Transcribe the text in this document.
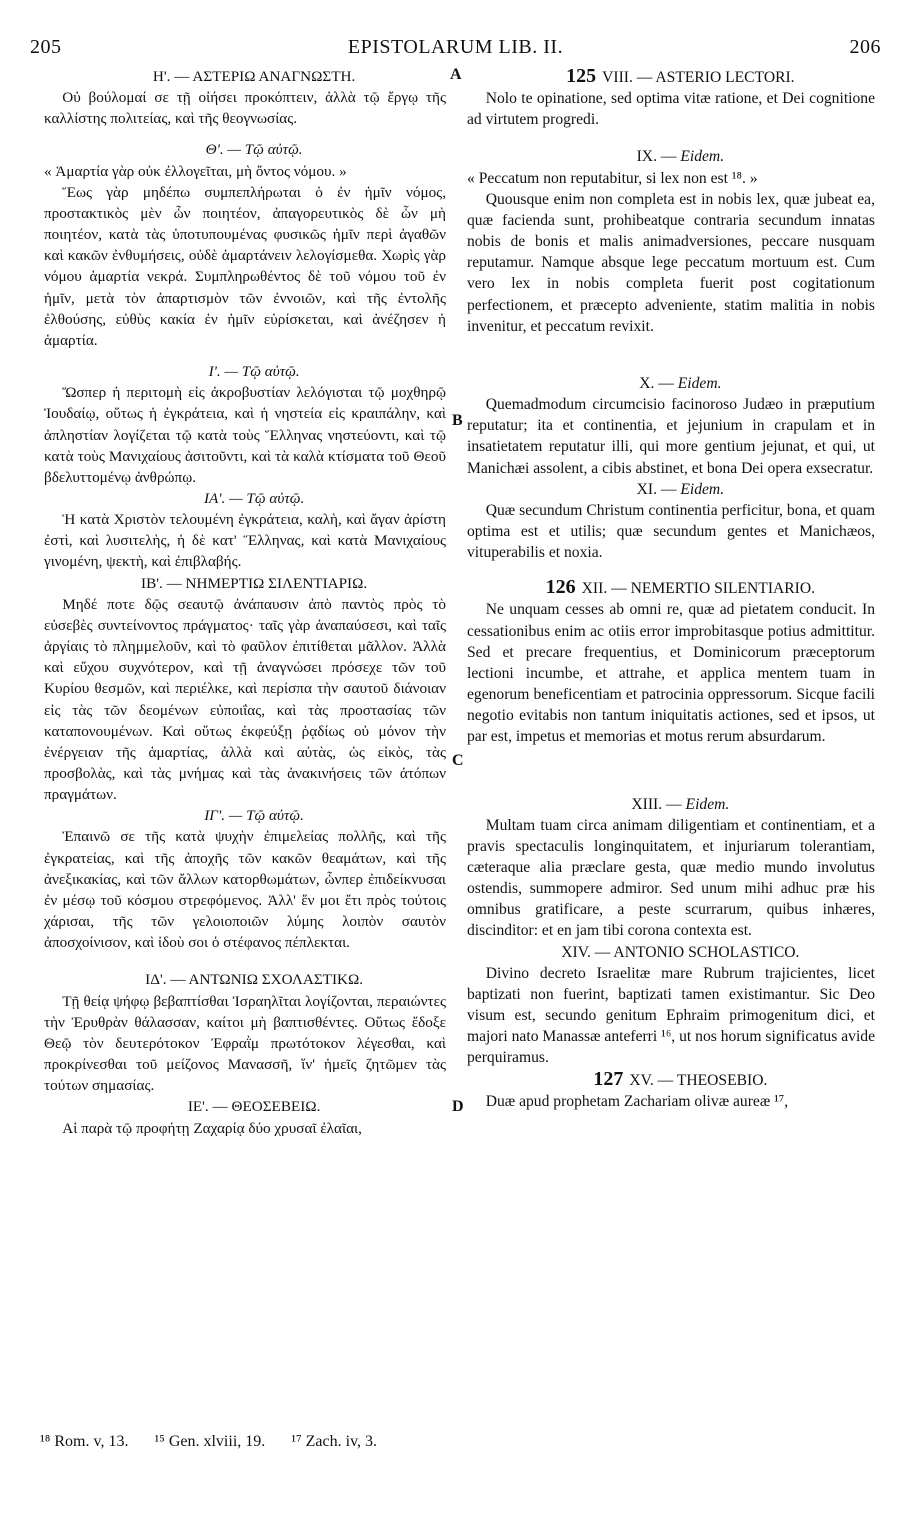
205	EPISTOLARUM LIB. II.	206

Η'. — ΑΣΤΕΡΙΩ ΑΝΑΓΝΩΣΤΗ.

Οὐ βούλομαί σε τῇ οἰήσει προκόπτειν, ἀλλὰ τῷ ἔργῳ τῆς καλλίστης πολιτείας, καὶ τῆς θεογνωσίας.

Θ'. — Τῷ αὐτῷ.

« Ἁμαρτία γὰρ οὐκ ἐλλογεῖται, μὴ ὄντος νόμου. »

Ἕως γὰρ μηδέπω συμπεπλήρωται ὁ ἐν ἡμῖν νόμος, προστακτικὸς μὲν ὧν ποιητέον, ἀπαγορευτικὸς δὲ ὧν μὴ ποιητέον, κατὰ τὰς ὑποτυπουμένας φυσικῶς ἡμῖν περὶ ἀγαθῶν καὶ κακῶν ἐνθυμήσεις, οὐδὲ ἁμαρτάνειν λελογίσμεθα. Χωρὶς γὰρ νόμου ἁμαρτία νεκρά. Συμπληρωθέντος δὲ τοῦ νόμου τοῦ ἐν ἡμῖν, μετὰ τὸν ἀπαρτισμὸν τῶν ἐννοιῶν, καὶ τῆς ἐντολῆς ἐλθούσης, εὐθὺς κακία ἐν ἡμῖν εὑρίσκεται, καὶ ἀνέζησεν ἡ ἁμαρτία.

Ι'. — Τῷ αὐτῷ.

Ὥσπερ ἡ περιτομὴ εἰς ἀκροβυστίαν λελόγισται τῷ μοχθηρῷ Ἰουδαίῳ, οὕτως ἡ ἐγκράτεια, καὶ ἡ νηστεία εἰς κραιπάλην, καὶ ἀπληστίαν λογίζεται τῷ κατὰ τοὺς Ἕλληνας νηστεύοντι, καὶ τῷ κατὰ τοὺς Μανιχαίους ἀσιτοῦντι, καὶ τὰ καλὰ κτίσματα τοῦ Θεοῦ βδελυττομένῳ ἀνθρώπῳ.

ΙΑ'. — Τῷ αὐτῷ.

Ἡ κατὰ Χριστὸν τελουμένη ἐγκράτεια, καλὴ, καὶ ἄγαν ἀρίστη ἐστὶ, καὶ λυσιτελὴς, ἡ δὲ κατ' Ἕλληνας, καὶ κατὰ Μανιχαίους γινομένη, ψεκτὴ, καὶ ἐπιβλαβής.

ΙΒ'. — ΝΗΜΕΡΤΙΩ ΣΙΛΕΝΤΙΑΡΙΩ.

Μηδέ ποτε δῷς σεαυτῷ ἀνάπαυσιν ἀπὸ παντὸς πρὸς τὸ εὐσεβὲς συντείνοντος πράγματος· ταῖς γὰρ ἀναπαύσεσι, καὶ ταῖς ἀργίαις τὸ πλημμελοῦν, καὶ τὸ φαῦλον ἐπιτίθεται μᾶλλον. Ἀλλὰ καὶ εὔχου συχνότερον, καὶ τῇ ἀναγνώσει πρόσεχε τῶν τοῦ Κυρίου θεσμῶν, καὶ περιέλκε, καὶ περίσπα τὴν σαυτοῦ διάνοιαν εἰς τὰς τῶν δεομένων εὐποιΐας, καὶ τὰς προστασίας τῶν καταπονουμένων. Καὶ οὕτως ἐκφεύξῃ ῥᾳδίως οὐ μόνον τὴν ἐνέργειαν τῆς ἁμαρτίας, ἀλλὰ καὶ αὐτὰς, ὡς εἰκὸς, τὰς προσβολὰς, καὶ τὰς μνήμας καὶ τὰς ἀνακινήσεις τῶν ἀτόπων πραγμάτων.

ΙΓ'. — Τῷ αὐτῷ.

Ἐπαινῶ σε τῆς κατὰ ψυχὴν ἐπιμελείας πολλῆς, καὶ τῆς ἐγκρατείας, καὶ τῆς ἀποχῆς τῶν κακῶν θεαμάτων, καὶ τῆς ἀνεξικακίας, καὶ τῶν ἄλλων κατορθωμάτων, ὧνπερ ἐπιδείκνυσαι ἐν μέσῳ τοῦ κόσμου στρεφόμενος. Ἀλλ' ἕν μοι ἔτι πρὸς τούτοις χάρισαι, τῆς τῶν γελοιοποιῶν λύμης λοιπὸν σαυτὸν ἀποσχοίνισον, καὶ ἰδοὺ σοι ὁ στέφανος πέπλεκται.

ΙΔ'. — ΑΝΤΩΝΙΩ ΣΧΟΛΑΣΤΙΚΩ.

Τῇ θείᾳ ψήφῳ βεβαπτίσθαι Ἰσραηλῖται λογίζονται, περαιώντες τὴν Ἐρυθρὰν θάλασσαν, καίτοι μὴ βαπτισθέντες. Οὕτως ἔδοξε Θεῷ τὸν δευτερότοκον Ἐφραῒμ πρωτότοκον λέγεσθαι, καὶ προκρίνεσθαι τοῦ μείζονος Μανασσῆ, ἵν' ἡμεῖς ζητῶμεν τὰς τούτων σημασίας.

ΙΕ'. — ΘΕΟΣΕΒΕΙΩ.

Αἱ παρὰ τῷ προφήτῃ Ζαχαρίᾳ δύο χρυσαῖ ἐλαῖαι,

A
B
C
D

125 VIII. — ASTERIO LECTORI.

Nolo te opinatione, sed optima vitæ ratione, et Dei cognitione ad virtutem progredi.

IX. — Eidem.

« Peccatum non reputabitur, si lex non est ¹⁸. »

Quousque enim non completa est in nobis lex, quæ jubeat ea, quæ facienda sunt, prohibeatque contraria secundum innatas nobis de bonis et malis animadversiones, peccare nusquam reputamur. Namque absque lege peccatum mortuum est. Cum vero lex in nobis completa fuerit post cogitationum perfectionem, et præcepto adveniente, statim malitia in nobis invenitur, et peccatum revixit.

X. — Eidem.

Quemadmodum circumcisio facinoroso Judæo in præputium reputatur; ita et continentia, et jejunium in crapulam et in insatietatem reputatur illi, qui more gentium jejunat, et qui, ut Manichæi assolent, a cibis abstinet, et bona Dei opera exsecratur.

XI. — Eidem.

Quæ secundum Christum continentia perficitur, bona, et quam optima est et utilis; quæ secundum gentes et Manichæos, vituperabilis et noxia.

126 XII. — NEMERTIO SILENTIARIO.

Ne unquam cesses ab omni re, quæ ad pietatem conducit. In cessationibus enim ac otiis error improbitasque potius admittitur. Sed et precare frequentius, et Dominicorum præceptorum lectioni incumbe, et attrahe, et applica mentem tuam in egenorum beneficentiam et patrocinia oppressorum. Sicque facili negotio evitabis non tantum iniquitatis actiones, sed et ipsos, ut par est, impetus et memorias et motus rerum absurdarum.

XIII. — Eidem.

Multam tuam circa animam diligentiam et continentiam, et a pravis spectaculis longinquitatem, et injuriarum tolerantiam, cæteraque alia præclare gesta, quæ medio mundo involutus ostendis, summopere admiror. Sed unum mihi adhuc præ his omnibus gratificare, a peste scurrarum, quibus inhæres, discinditor: et en jam tibi corona contexta est.

XIV. — ANTONIO SCHOLASTICO.

Divino decreto Israelitæ mare Rubrum trajicientes, licet baptizati non fuerint, baptizati tamen existimantur. Sic Deo visum est, secundo genitum Ephraim primogenitum dici, et majori nato Manassæ anteferri ¹⁶, ut nos horum significatus avide perquiramus.

127 XV. — THEOSEBIO.

Duæ apud prophetam Zachariam olivæ aureæ ¹⁷,

¹⁸ Rom. v, 13. ¹⁵ Gen. xlviii, 19. ¹⁷ Zach. iv, 3.
